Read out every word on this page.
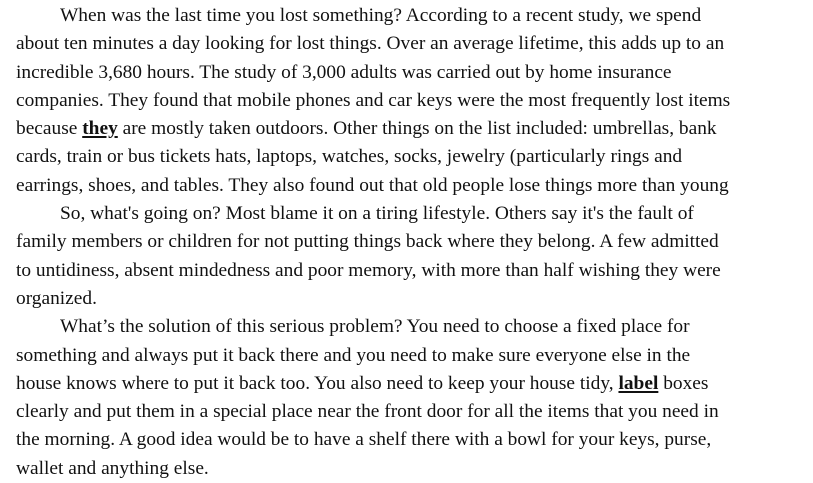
When was the last time you lost something? According to a recent study, we spend
about ten minutes a day looking for lost things. Over an average lifetime, this adds up to an
incredible 3,680 hours. The study of 3,000 adults was carried out by home insurance
companies. They found that mobile phones and car keys were the most frequently lost items
because they are mostly taken outdoors. Other things on the list included: umbrellas, bank
cards, train or bus tickets hats, laptops, watches, socks, jewelry (particularly rings and
earrings, shoes, and tables. They also found out that old people lose things more than young
So, what's going on? Most blame it on a tiring lifestyle. Others say it's the fault of
family members or children for not putting things back where they belong. A few admitted
to untidiness, absent mindedness and poor memory, with more than half wishing they were
organized.
What’s the solution of this serious problem? You need to choose a fixed place for
something and always put it back there and you need to make sure everyone else in the
house knows where to put it back too. You also need to keep your house tidy, label boxes
clearly and put them in a special place near the front door for all the items that you need in
the morning. A good idea would be to have a shelf there with a bowl for your keys, purse,
wallet and anything else.
